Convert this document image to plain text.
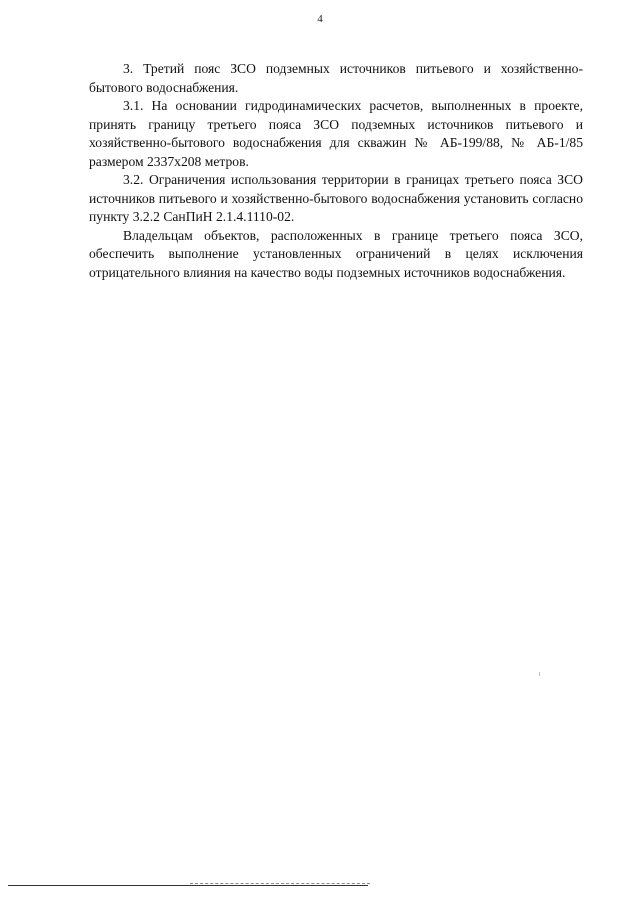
4

3. Третий пояс ЗСО подземных источников питьевого и хозяйственно-бытового водоснабжения.

3.1. На основании гидродинамических расчетов, выполненных в проекте, принять границу третьего пояса ЗСО подземных источников питьевого и хозяйственно-бытового водоснабжения для скважин № АБ-199/88, № АБ-1/85 размером 2337х208 метров.

3.2. Ограничения использования территории в границах третьего пояса ЗСО источников питьевого и хозяйственно-бытового водоснабжения установить согласно пункту 3.2.2 СанПиН 2.1.4.1110-02.

Владельцам объектов, расположенных в границе третьего пояса ЗСО, обеспечить выполнение установленных ограничений в целях исключения отрицательного влияния на качество воды подземных источников водоснабжения.
